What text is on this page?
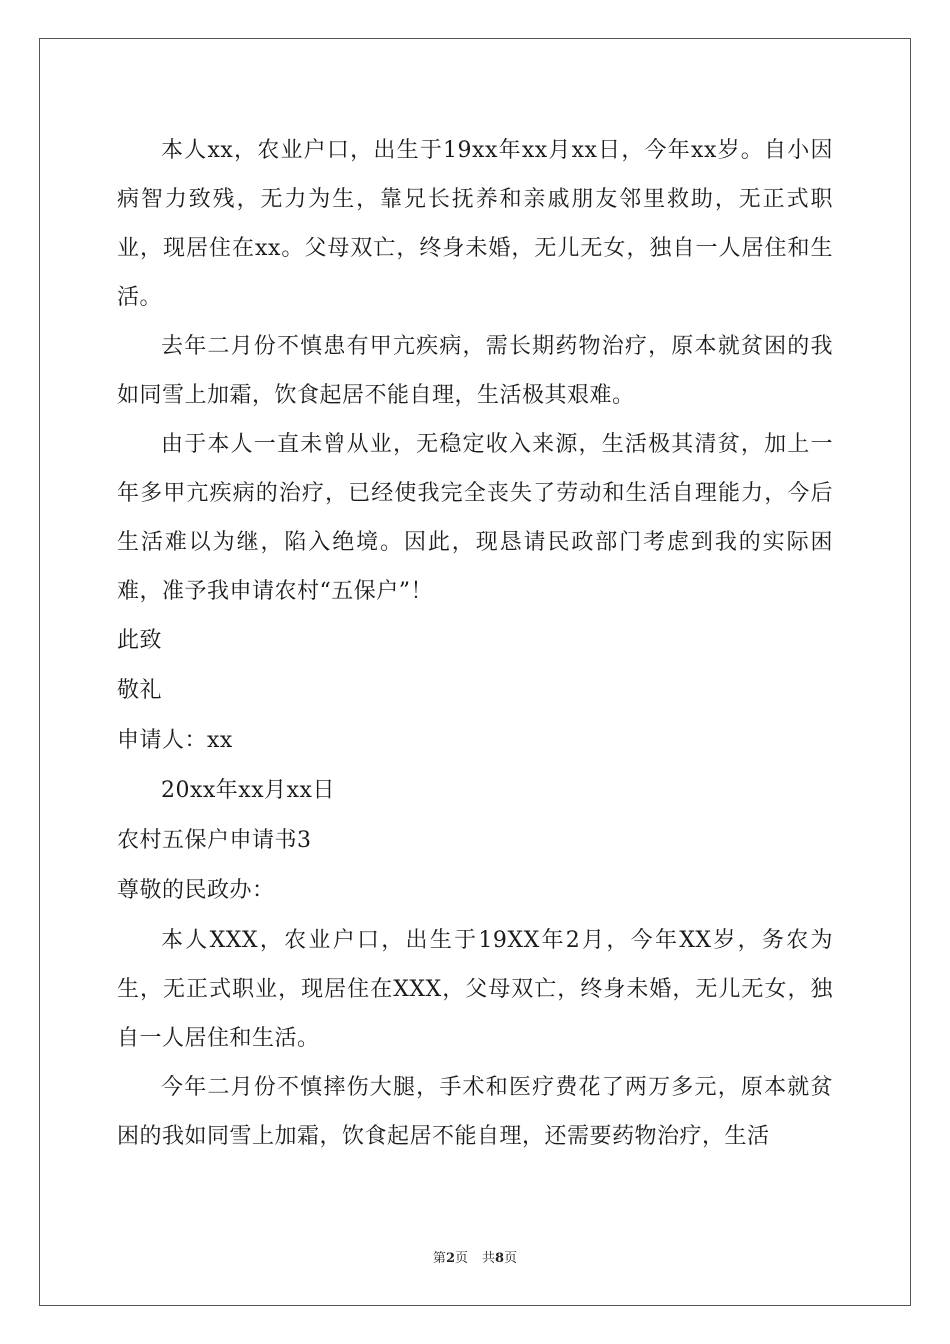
本人xx，农业户口，出生于19xx年xx月xx日，今年xx岁。自小因病智力致残，无力为生，靠兄长抚养和亲戚朋友邻里救助，无正式职业，现居住在xx。父母双亡，终身未婚，无儿无女，独自一人居住和生活。

去年二月份不慎患有甲亢疾病，需长期药物治疗，原本就贫困的我如同雪上加霜，饮食起居不能自理，生活极其艰难。

由于本人一直未曾从业，无稳定收入来源，生活极其清贫，加上一年多甲亢疾病的治疗，已经使我完全丧失了劳动和生活自理能力，今后生活难以为继，陷入绝境。因此，现恳请民政部门考虑到我的实际困难，准予我申请农村“五保户”！

此致

敬礼

申请人：xx

20xx年xx月xx日

农村五保户申请书3

尊敬的民政办：

本人XXX，农业户口，出生于19XX年2月，今年XX岁，务农为生，无正式职业，现居住在XXX，父母双亡，终身未婚，无儿无女，独自一人居住和生活。

今年二月份不慎摔伤大腿，手术和医疗费花了两万多元，原本就贫困的我如同雪上加霜，饮食起居不能自理，还需要药物治疗，生活

第2页 共8页
